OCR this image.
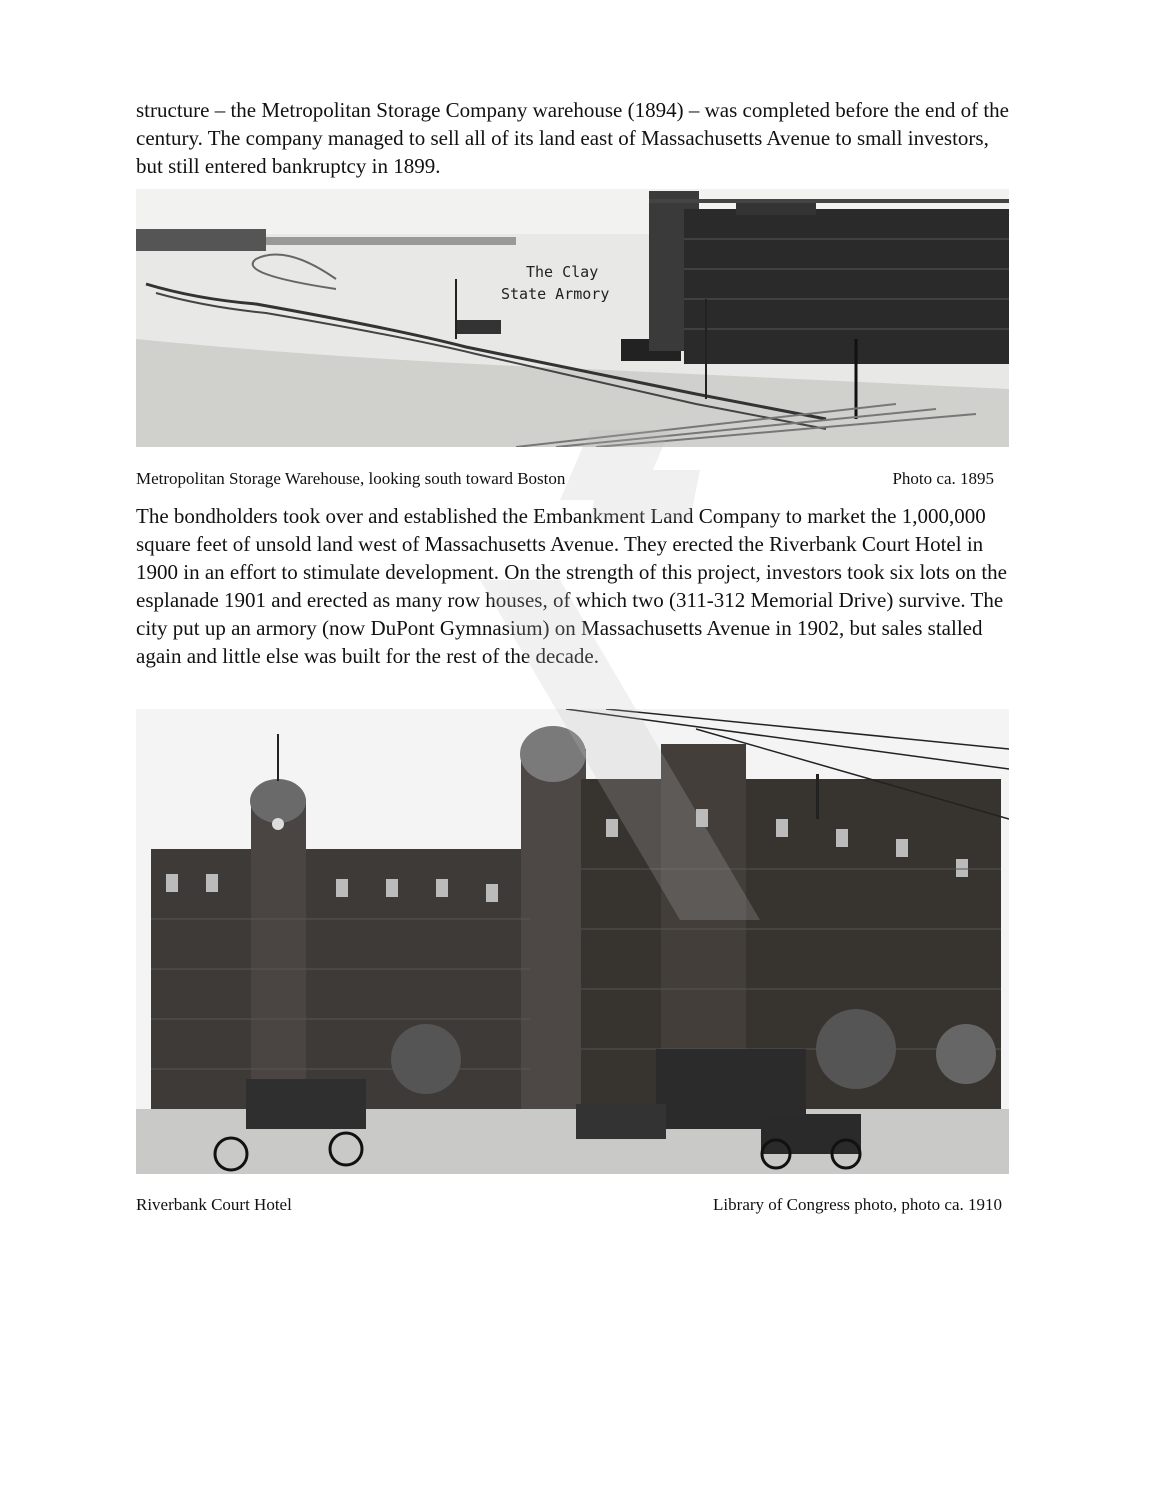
structure – the Metropolitan Storage Company warehouse (1894) – was completed before the end of the century. The company managed to sell all of its land east of Massachusetts Avenue to small investors, but still entered bankruptcy in 1899.

The Clay
State Armory
Metropolitan Storage Warehouse, looking south toward Boston	Photo ca. 1895

The bondholders took over and established the Embankment Land Company to market the 1,000,000 square feet of unsold land west of Massachusetts Avenue. They erected the Riverbank Court Hotel in 1900 in an effort to stimulate development. On the strength of this project, investors took six lots on the esplanade 1901 and erected as many row houses, of which two (311-312 Memorial Drive) survive. The city put up an armory (now DuPont Gymnasium) on Massachusetts Avenue in 1902, but sales stalled again and little else was built for the rest of the decade.

Riverbank Court Hotel	Library of Congress photo, photo ca. 1910
